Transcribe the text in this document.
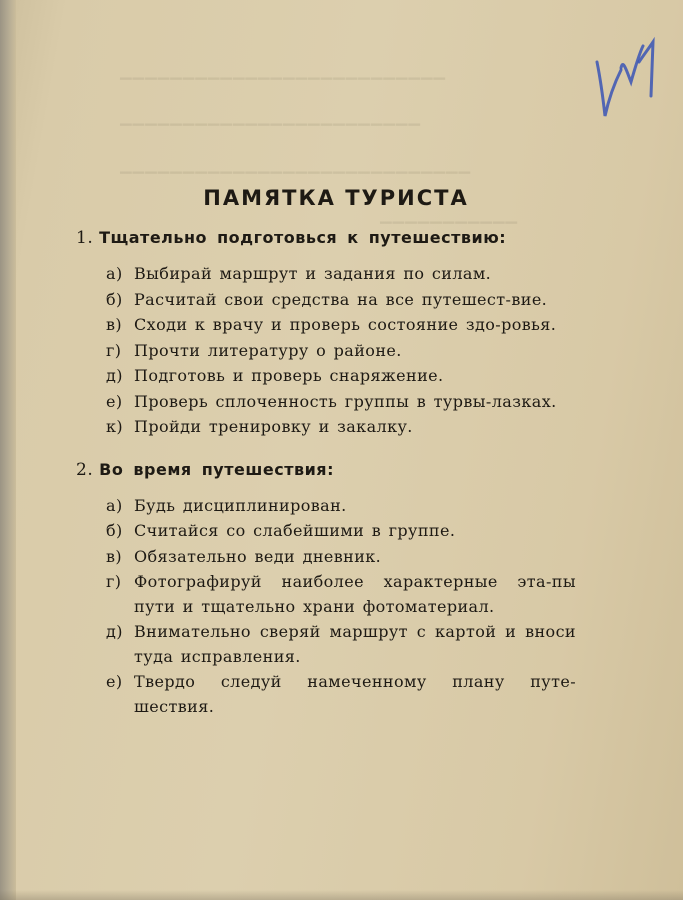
▁▁▁▁▁▁▁▁▁▁▁▁▁▁▁▁▁▁▁▁▁▁▁▁▁▁
▁▁▁▁▁▁▁▁▁▁▁▁▁▁▁▁▁▁▁▁▁▁▁▁
▁▁▁▁▁▁▁▁▁▁▁▁▁▁▁▁▁▁▁▁▁▁▁▁▁▁▁▁
▁▁▁▁▁▁▁▁▁▁▁
ПАМЯТКА ТУРИСТА
1. Тщательно подготовься к путешествию:
а) Выбирай маршрут и задания по силам.
б) Расчитай свои средства на все путешест-вие.
в) Сходи к врачу и проверь состояние здо-ровья.
г) Прочти литературу о районе.
д) Подготовь и проверь снаряжение.
е) Проверь сплоченность группы в турвы-лазках.
к) Пройди тренировку и закалку.
2. Во время путешествия:
а) Будь дисциплинирован.
б) Считайся со слабейшими в группе.
в) Обязательно веди дневник.
г) Фотографируй наиболее характерные эта-пы пути и тщательно храни фотоматериал.
д) Внимательно сверяй маршрут с картой и вноси туда исправления.
е) Твердо следуй намеченному плану путе-шествия.
